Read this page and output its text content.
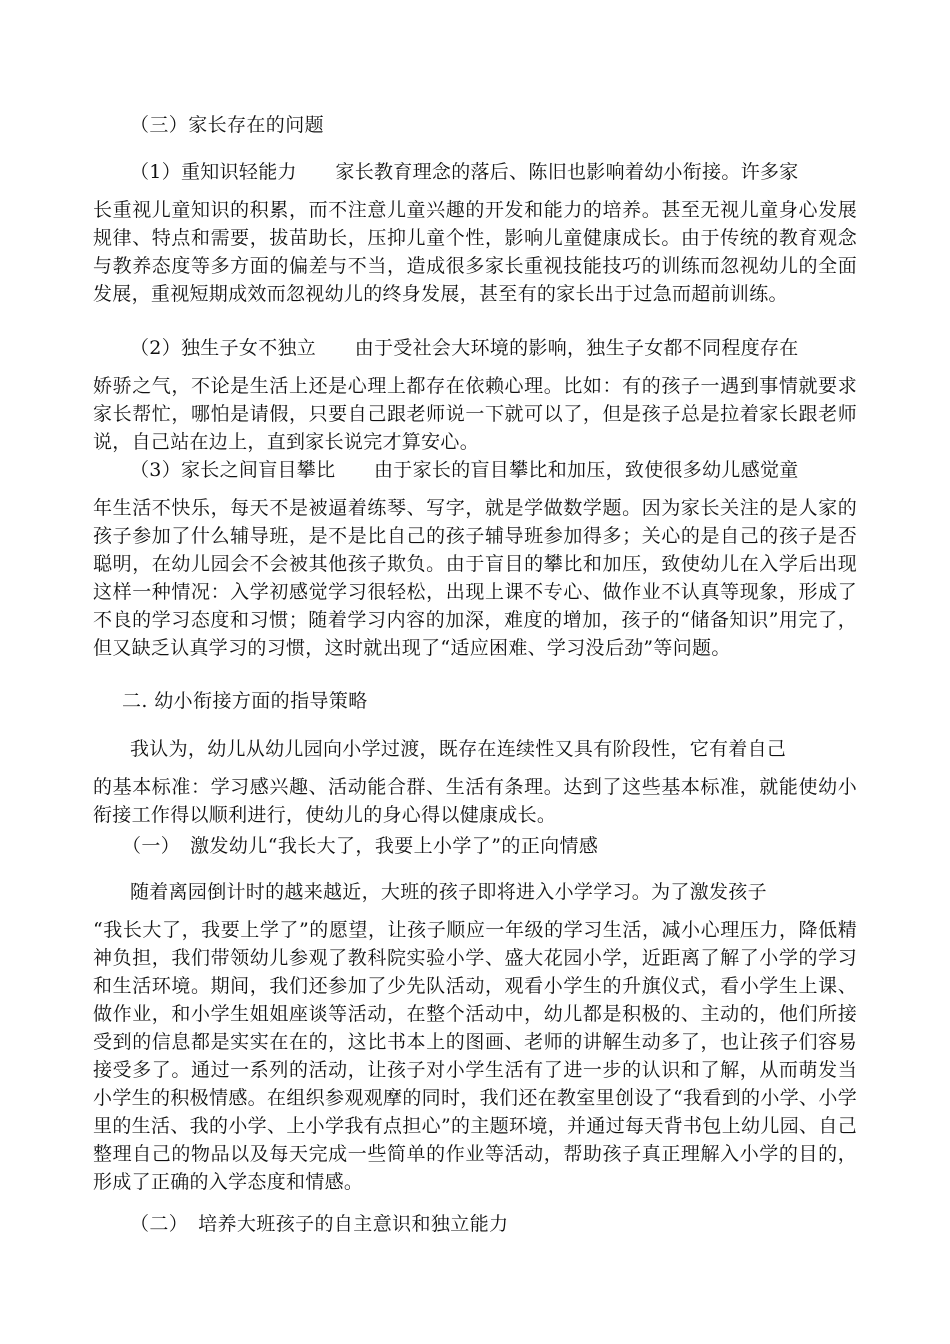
（三）家长存在的问题

（1）重知识轻能力　　家长教育理念的落后、陈旧也影响着幼小衔接。许多家
长重视儿童知识的积累，而不注意儿童兴趣的开发和能力的培养。甚至无视儿童身心发展规律、特点和需要，拔苗助长，压抑儿童个性，影响儿童健康成长。由于传统的教育观念与教养态度等多方面的偏差与不当，造成很多家长重视技能技巧的训练而忽视幼儿的全面发展，重视短期成效而忽视幼儿的终身发展，甚至有的家长出于过急而超前训练。
（2）独生子女不独立　　由于受社会大环境的影响，独生子女都不同程度存在
娇骄之气，不论是生活上还是心理上都存在依赖心理。比如：有的孩子一遇到事情就要求家长帮忙，哪怕是请假，只要自己跟老师说一下就可以了，但是孩子总是拉着家长跟老师说，自己站在边上，直到家长说完才算安心。
（3）家长之间盲目攀比　　由于家长的盲目攀比和加压，致使很多幼儿感觉童
年生活不快乐，每天不是被逼着练琴、写字，就是学做数学题。因为家长关注的是人家的孩子参加了什么辅导班，是不是比自己的孩子辅导班参加得多；关心的是自己的孩子是否聪明，在幼儿园会不会被其他孩子欺负。由于盲目的攀比和加压，致使幼儿在入学后出现这样一种情况：入学初感觉学习很轻松，出现上课不专心、做作业不认真等现象，形成了不良的学习态度和习惯；随着学习内容的加深，难度的增加，孩子的“储备知识”用完了，但又缺乏认真学习的习惯，这时就出现了“适应困难、学习没后劲”等问题。

二. 幼小衔接方面的指导策略

我认为，幼儿从幼儿园向小学过渡，既存在连续性又具有阶段性，它有着自己
的基本标准：学习感兴趣、活动能合群、生活有条理。达到了这些基本标准，就能使幼小衔接工作得以顺利进行，使幼儿的身心得以健康成长。

（一）　激发幼儿“我长大了，我要上小学了”的正向情感

随着离园倒计时的越来越近，大班的孩子即将进入小学学习。为了激发孩子
“我长大了，我要上学了”的愿望，让孩子顺应一年级的学习生活，减小心理压力，降低精神负担，我们带领幼儿参观了教科院实验小学、盛大花园小学，近距离了解了小学的学习和生活环境。期间，我们还参加了少先队活动，观看小学生的升旗仪式，看小学生上课、做作业，和小学生姐姐座谈等活动，在整个活动中，幼儿都是积极的、主动的，他们所接受到的信息都是实实在在的，这比书本上的图画、老师的讲解生动多了，也让孩子们容易接受多了。通过一系列的活动，让孩子对小学生活有了进一步的认识和了解，从而萌发当小学生的积极情感。在组织参观观摩的同时，我们还在教室里创设了“我看到的小学、小学里的生活、我的小学、上小学我有点担心”的主题环境，并通过每天背书包上幼儿园、自己整理自己的物品以及每天完成一些简单的作业等活动，帮助孩子真正理解入小学的目的，形成了正确的入学态度和情感。

（二）　培养大班孩子的自主意识和独立能力
